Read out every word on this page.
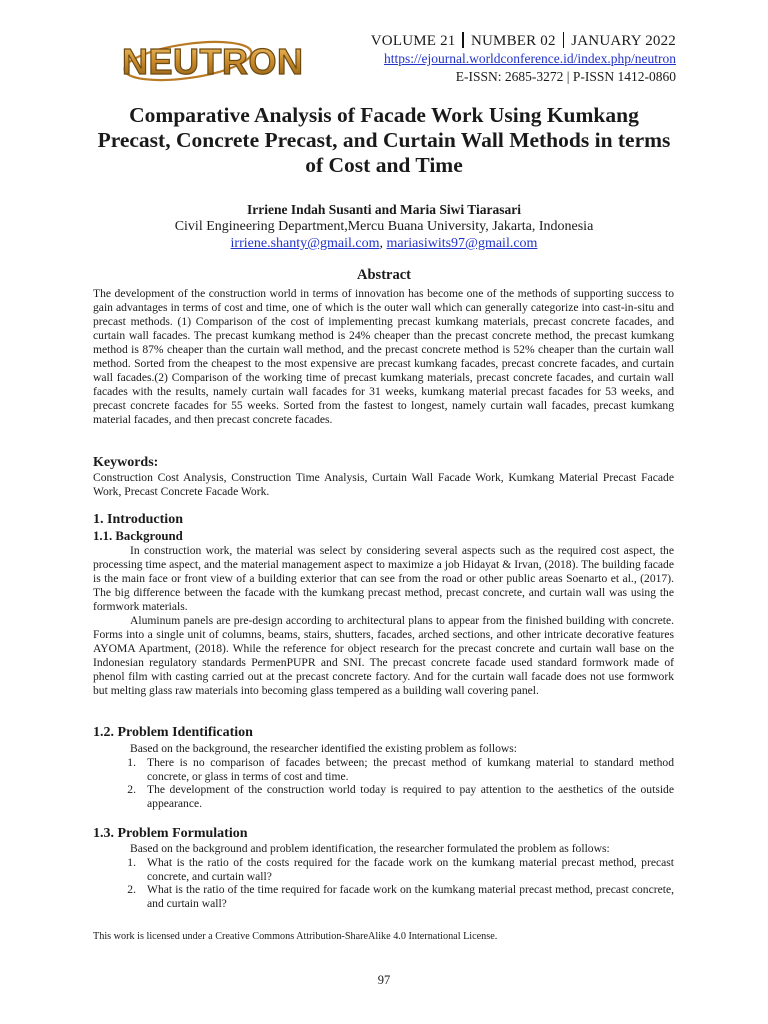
NEUTRON	VOLUME 21 NUMBER 02 JANUARY 2022
https://ejournal.worldconference.id/index.php/neutron
E-ISSN: 2685-3272 | P-ISSN 1412-0860
Comparative Analysis of Facade Work Using Kumkang Precast, Concrete Precast, and Curtain Wall Methods in terms of Cost and Time
Irriene Indah Susanti and Maria Siwi Tiarasari
Civil Engineering Department,Mercu Buana University, Jakarta, Indonesia
irriene.shanty@gmail.com, mariasiwits97@gmail.com
Abstract
The development of the construction world in terms of innovation has become one of the methods of supporting success to gain advantages in terms of cost and time, one of which is the outer wall which can generally categorize into cast-in-situ and precast methods. (1) Comparison of the cost of implementing precast kumkang materials, precast concrete facades, and curtain wall facades. The precast kumkang method is 24% cheaper than the precast concrete method, the precast kumkang method is 87% cheaper than the curtain wall method, and the precast concrete method is 52% cheaper than the curtain wall method. Sorted from the cheapest to the most expensive are precast kumkang facades, precast concrete facades, and curtain wall facades.(2) Comparison of the working time of precast kumkang materials, precast concrete facades, and curtain wall facades with the results, namely curtain wall facades for 31 weeks, kumkang material precast facades for 53 weeks, and precast concrete facades for 55 weeks. Sorted from the fastest to longest, namely curtain wall facades, precast kumkang material facades, and then precast concrete facades.
Keywords:
Construction Cost Analysis, Construction Time Analysis, Curtain Wall Facade Work, Kumkang Material Precast Facade Work, Precast Concrete Facade Work.
1. Introduction
1.1. Background
In construction work, the material was select by considering several aspects such as the required cost aspect, the processing time aspect, and the material management aspect to maximize a job Hidayat & Irvan, (2018). The building facade is the main face or front view of a building exterior that can see from the road or other public areas Soenarto et al., (2017). The big difference between the facade with the kumkang precast method, precast concrete, and curtain wall was using the formwork materials.
Aluminum panels are pre-design according to architectural plans to appear from the finished building with concrete. Forms into a single unit of columns, beams, stairs, shutters, facades, arched sections, and other intricate decorative features AYOMA Apartment, (2018). While the reference for object research for the precast concrete and curtain wall base on the Indonesian regulatory standards PermenPUPR and SNI. The precast concrete facade used standard formwork made of phenol film with casting carried out at the precast concrete factory. And for the curtain wall facade does not use formwork but melting glass raw materials into becoming glass tempered as a building wall covering panel.
1.2. Problem Identification
Based on the background, the researcher identified the existing problem as follows:
1. There is no comparison of facades between; the precast method of kumkang material to standard method concrete, or glass in terms of cost and time.
2. The development of the construction world today is required to pay attention to the aesthetics of the outside appearance.
1.3. Problem Formulation
Based on the background and problem identification, the researcher formulated the problem as follows:
1. What is the ratio of the costs required for the facade work on the kumkang material precast method, precast concrete, and curtain wall?
2. What is the ratio of the time required for facade work on the kumkang material precast method, precast concrete, and curtain wall?
This work is licensed under a Creative Commons Attribution-ShareAlike 4.0 International License.
97
